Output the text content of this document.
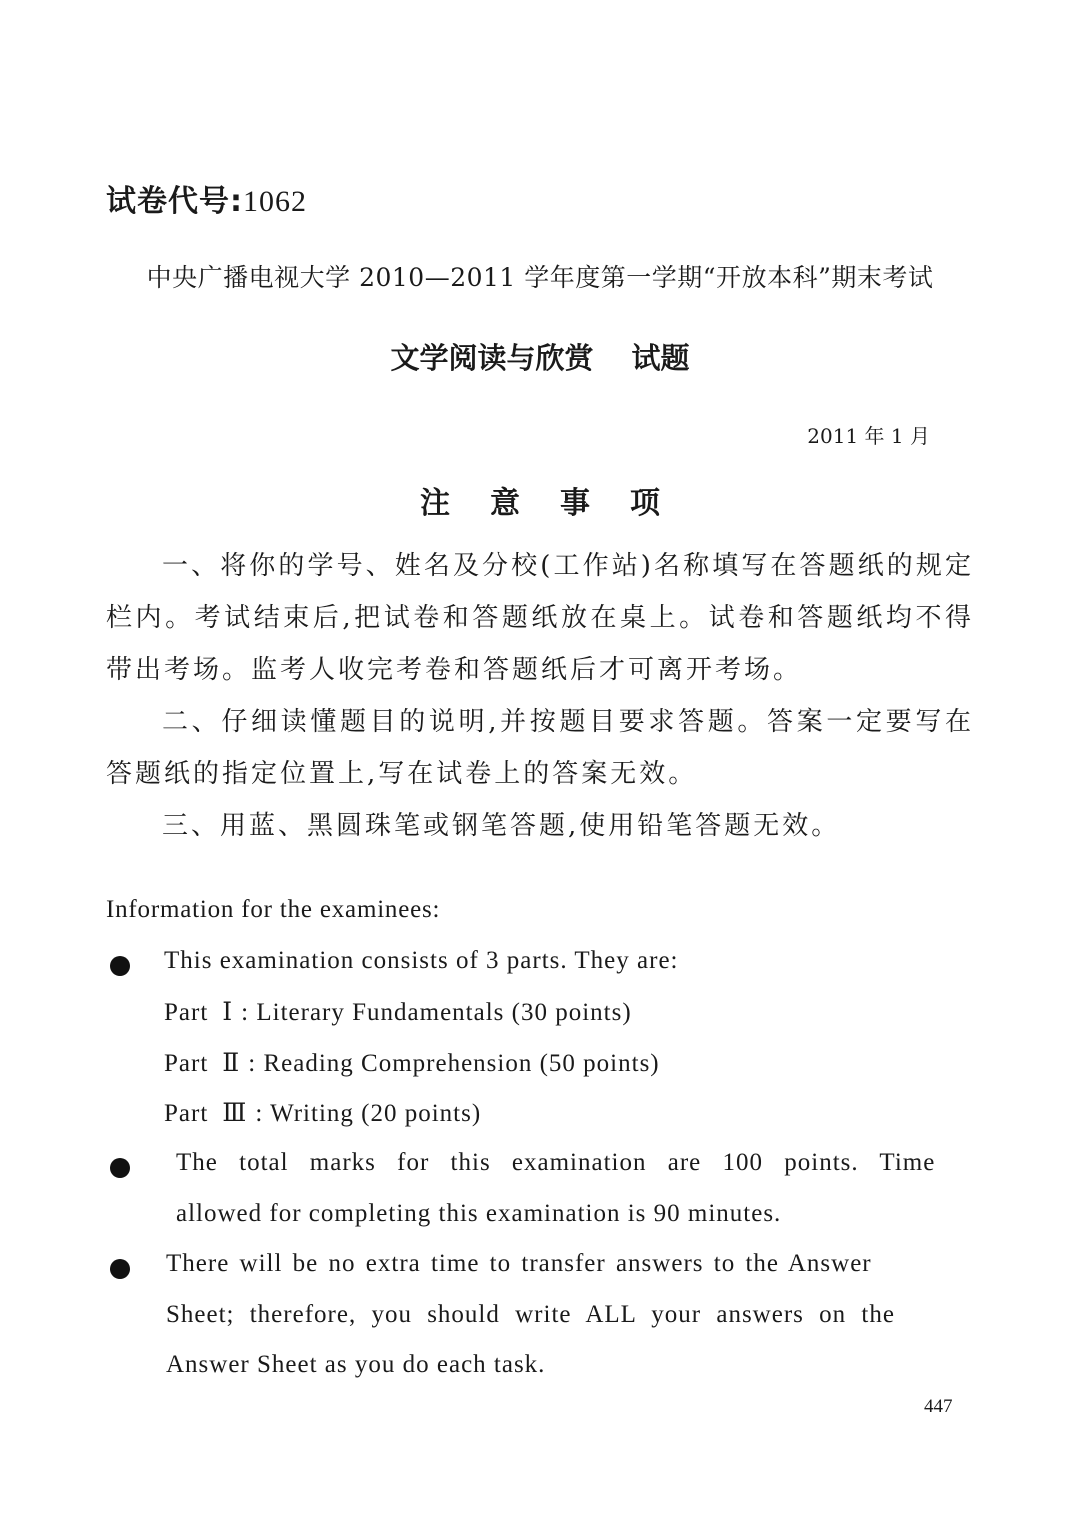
试卷代号:1062
中央广播电视大学 2010—2011 学年度第一学期“开放本科”期末考试
文学阅读与欣赏 试题
2011 年 1 月
注意事项

一、将你的学号、姓名及分校(工作站)名称填写在答题纸的规定栏内。考试结束后,把试卷和答题纸放在桌上。试卷和答题纸均不得带出考场。监考人收完考卷和答题纸后才可离开考场。

二、仔细读懂题目的说明,并按题目要求答题。答案一定要写在答题纸的指定位置上,写在试卷上的答案无效。

三、用蓝、黑圆珠笔或钢笔答题,使用铅笔答题无效。

Information for the examinees:
This examination consists of 3 parts. They are:
Part Ⅰ : Literary Fundamentals (30 points)
Part Ⅱ : Reading Comprehension (50 points)
Part Ⅲ : Writing (20 points)
The total marks for this examination are 100 points. Time
allowed for completing this examination is 90 minutes.
There will be no extra time to transfer answers to the Answer
Sheet; therefore, you should write ALL your answers on the
Answer Sheet as you do each task.
447
